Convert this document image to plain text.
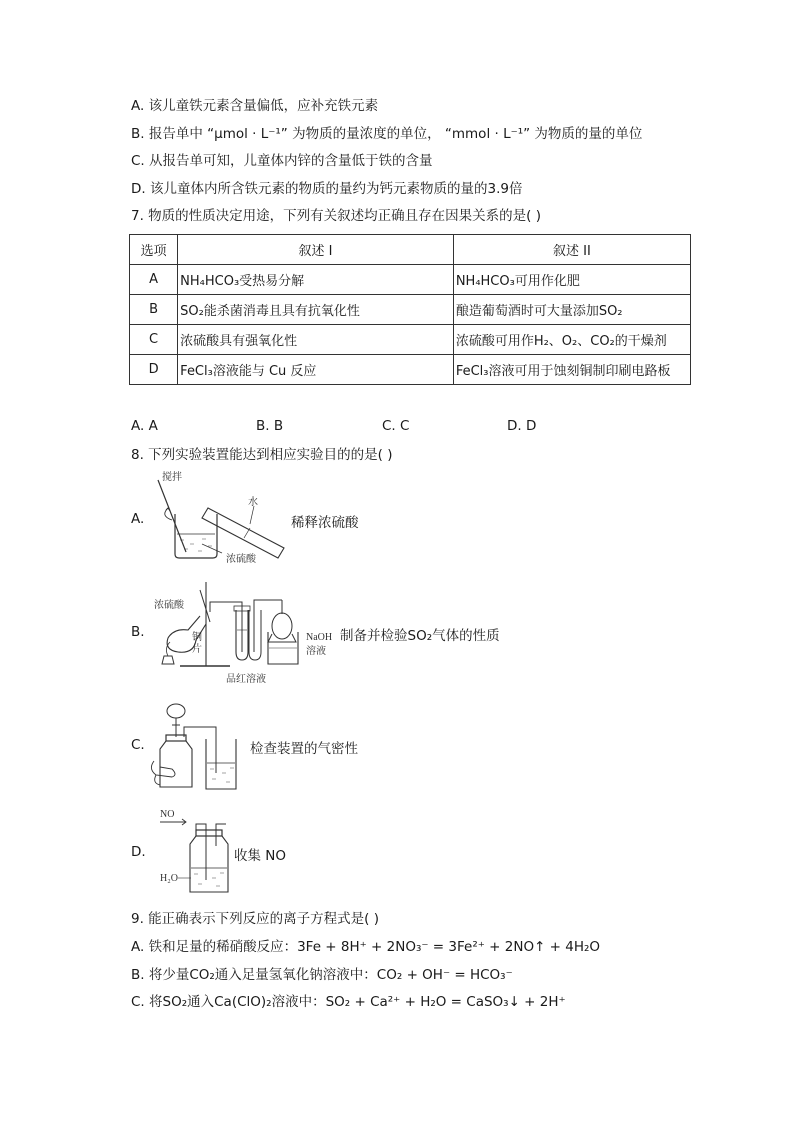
A. 该儿童铁元素含量偏低，应补充铁元素
B. 报告单中 “μmol · L⁻¹” 为物质的量浓度的单位， “mmol · L⁻¹” 为物质的量的单位
C. 从报告单可知，儿童体内锌的含量低于铁的含量
D. 该儿童体内所含铁元素的物质的量约为钙元素物质的量的3.9倍
7. 物质的性质决定用途，下列有关叙述均正确且存在因果关系的是( )
选项	叙述 I	叙述 II
A	NH₄HCO₃受热易分解	NH₄HCO₃可用作化肥
B	SO₂能杀菌消毒且具有抗氧化性	酿造葡萄酒时可大量添加SO₂
C	浓硫酸具有强氧化性	浓硫酸可用作H₂、O₂、CO₂的干燥剂
D	FeCl₃溶液能与 Cu 反应	FeCl₃溶液可用于蚀刻铜制印刷电路板
A. A	B. B	C. C	D. D
8. 下列实验装置能达到相应实验目的的是( )
A.
搅拌
水
浓硫酸
稀释浓硫酸
B.
浓硫酸
铜
片
NaOH
溶液
品红溶液
制备并检验SO₂气体的性质
C.	检查装置的气密性
D.
NO
H₂O
收集 NO
9. 能正确表示下列反应的离子方程式是( )
A. 铁和足量的稀硝酸反应：3Fe + 8H⁺ + 2NO₃⁻ = 3Fe²⁺ + 2NO↑ + 4H₂O
B. 将少量CO₂通入足量氢氧化钠溶液中：CO₂ + OH⁻ = HCO₃⁻
C. 将SO₂通入Ca(ClO)₂溶液中：SO₂ + Ca²⁺ + H₂O = CaSO₃↓ + 2H⁺
